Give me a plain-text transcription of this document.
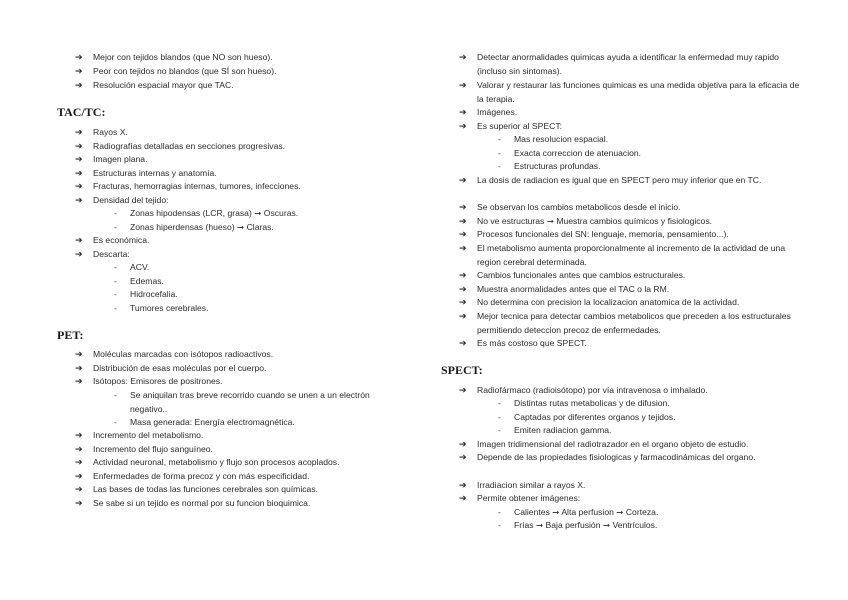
➔ Mejor con tejidos blandos (que NO son hueso).
➔ Peor con tejidos no blandos (que SÍ son hueso).
➔ Resolución espacial mayor que TAC.
TAC/TC:
➔ Rayos X.
➔ Radiografías detalladas en secciones progresivas.
➔ Imagen plana.
➔ Estructuras internas y anatomía.
➔ Fracturas, hemorragias internas, tumores, infecciones.
➔ Densidad del tejido:
- Zonas hipodensas (LCR, grasa) ➞ Oscuras.
- Zonas hiperdensas (hueso) ➞ Claras.
➔ Es económica.
➔ Descarta:
- ACV.
- Edemas.
- Hidrocefalia.
- Tumores cerebrales.
PET:
➔ Moléculas marcadas con isótopos radioactivos.
➔ Distribución de esas moléculas por el cuerpo.
➔ Isótopos: Emisores de positrones.
- Se aniquilan tras breve recorrido cuando se unen a un electrón negativo..
- Masa generada: Energía electromagnética.
➔ Incremento del metabolismo.
➔ Incremento del flujo sanguíneo.
➔ Actividad neuronal, metabolismo y flujo son procesos acoplados.
➔ Enfermedades de forma precoz y con más especificidad.
➔ Las bases de todas las funciones cerebrales son químicas.
➔ Se sabe si un tejido es normal por su funcion bioquimica.
➔ Detectar anormalidades quimicas ayuda a identificar la enfermedad muy rapido (incluso sin sintomas).
➔ Valorar y restaurar las funciones quimicas es una medida objetiva para la eficacia de la terapia.
➔ Imágenes.
➔ Es superior al SPECT:
- Mas resolucion espacial.
- Exacta correccion de atenuacion.
- Estructuras profundas.
➔ La dosis de radiacion es igual que en SPECT pero muy inferior que en TC.
➔ Se observan los cambios metabolicos desde el inicio.
➔ No ve estructuras ➞ Muestra cambios químicos y fisiologicos.
➔ Procesos funcionales del SN: lenguaje, memoria, pensamiento...).
➔ El metabolismo aumenta proporcionalmente al incremento de la actividad de una region cerebral determinada.
➔ Cambios funcionales antes que cambios estructurales.
➔ Muestra anormalidades antes que el TAC o la RM.
➔ No determina con precision la localizacion anatomica de la actividad.
➔ Mejor tecnica para detectar cambios metabolicos que preceden a los estructurales permitiendo deteccion precoz de enfermedades.
➔ Es más costoso que SPECT.
SPECT:
➔ Radiofármaco (radioisótopo) por vía intravenosa o imhalado.
- Distintas rutas metabolicas y de difusion.
- Captadas por diferentes organos y tejidos.
- Emiten radiacion gamma.
➔ Imagen tridimensional del radiotrazador en el organo objeto de estudio.
➔ Depende de las propiedades fisiologicas y farmacodinámicas del organo.
➔ Irradiacion similar a rayos X.
➔ Permite obtener imágenes:
- Calientes ➞ Alta perfusion ➞ Corteza.
- Frías ➞ Baja perfusión ➞ Ventrículos.
